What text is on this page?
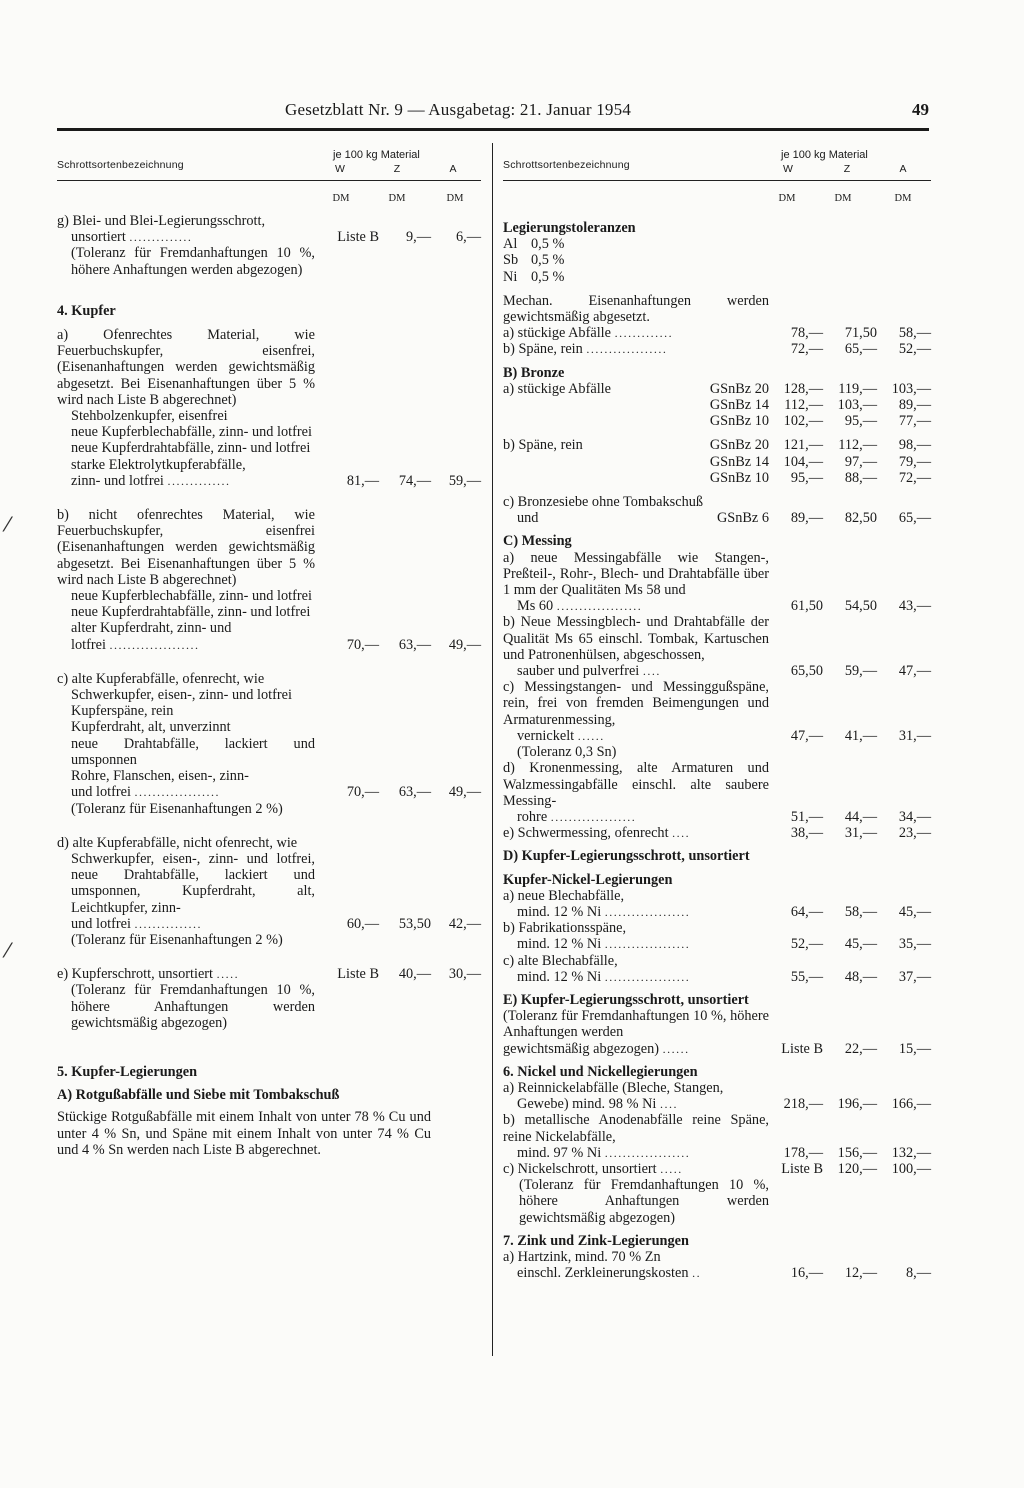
Gesetzblatt Nr. 9 — Ausgabetag: 21. Januar 1954	49
Schrottsortenbezeichnung
je 100 kg Material
W	Z	A
DM	DM	DM
g) Blei- und Blei-Legierungsschrott,			
unsortiert ..............	Liste B	9,—	6,—
(Toleranz für Fremdanhaftungen 10 %, höhere Anhaftungen werden abgezogen)			

4. Kupfer			

a) Ofenrechtes Material, wie Feuerbuchskupfer, eisenfrei, (Eisenanhaftungen werden gewichtsmäßig abgesetzt. Bei Eisenanhaftungen über 5 % wird nach Liste B abgerechnet)			
Stehbolzenkupfer, eisenfrei			
neue Kupferblechabfälle, zinn- und lotfrei			
neue Kupferdrahtabfälle, zinn- und lotfrei			
starke Elektrolytkupferabfälle,			
zinn- und lotfrei ..............	81,—	74,—	59,—

b) nicht ofenrechtes Material, wie Feuerbuchskupfer, eisenfrei (Eisenanhaftungen werden gewichtsmäßig abgesetzt. Bei Eisenanhaftungen über 5 % wird nach Liste B abgerechnet)			
neue Kupferblechabfälle, zinn- und lotfrei			
neue Kupferdrahtabfälle, zinn- und lotfrei			
alter Kupferdraht, zinn- und			
lotfrei ....................	70,—	63,—	49,—

c) alte Kupferabfälle, ofenrecht, wie			
Schwerkupfer, eisen-, zinn- und lotfrei			
Kupferspäne, rein			
Kupferdraht, alt, unverzinnt			
neue Drahtabfälle, lackiert und umsponnen			
Rohre, Flanschen, eisen-, zinn-			
und lotfrei ...................	70,—	63,—	49,—
(Toleranz für Eisenanhaftungen 2 %)			

d) alte Kupferabfälle, nicht ofenrecht, wie			
Schwerkupfer, eisen-, zinn- und lotfrei, neue Drahtabfälle, lackiert und umsponnen, Kupferdraht, alt, Leichtkupfer, zinn-			
und lotfrei ...............	60,—	53,50	42,—
(Toleranz für Eisenanhaftungen 2 %)			

e) Kupferschrott, unsortiert .....	Liste B	40,—	30,—
(Toleranz für Fremdanhaftungen 10 %, höhere Anhaftungen werden gewichtsmäßig abgezogen)			

5. Kupfer-Legierungen			
A) Rotgußabfälle und Siebe mit Tombakschuß			
Stückige Rotgußabfälle mit einem Inhalt von unter 78 % Cu und unter 4 % Sn, und Späne mit einem Inhalt von unter 74 % Cu und 4 % Sn werden nach Liste B abgerechnet.			
Schrottsortenbezeichnung
je 100 kg Material
W	Z	A
DM	DM	DM
Legierungstoleranzen				
Al 0,5 %				
Sb 0,5 %				
Ni 0,5 %				

Mechan. Eisenanhaftungen werden gewichtsmäßig abgesetzt.				
a) stückige Abfälle .............		78,—	71,50	58,—
b) Späne, rein ..................		72,—	65,—	52,—
B) Bronze				
a) stückige Abfälle	GSnBz 20	128,—	119,—	103,—
	GSnBz 14	112,—	103,—	89,—
	GSnBz 10	102,—	95,—	77,—

b) Späne, rein	GSnBz 20	121,—	112,—	98,—
	GSnBz 14	104,—	97,—	79,—
	GSnBz 10	95,—	88,—	72,—

c) Bronzesiebe ohne Tombakschuß				
und	GSnBz 6	89,—	82,50	65,—
C) Messing				
a) neue Messingabfälle wie Stangen-, Preßteil-, Rohr-, Blech- und Drahtabfälle über 1 mm der Qualitäten Ms 58 und				
Ms 60 ...................		61,50	54,50	43,—
b) Neue Messingblech- und Drahtabfälle der Qualität Ms 65 einschl. Tombak, Kartuschen und Patronenhülsen, abgeschossen,				
sauber und pulverfrei ....		65,50	59,—	47,—
c) Messingstangen- und Messinggußspäne, rein, frei von fremden Beimengungen und Armaturenmessing,				
vernickelt ......		47,—	41,—	31,—
(Toleranz 0,3 Sn)				
d) Kronenmessing, alte Armaturen und Walzmessingabfälle einschl. alte saubere Messing-				
rohre ...................		51,—	44,—	34,—
e) Schwermessing, ofenrecht ....		38,—	31,—	23,—
D) Kupfer-Legierungsschrott, unsortiert				
Kupfer-Nickel-Legierungen				
a) neue Blechabfälle,				
mind. 12 % Ni ...................		64,—	58,—	45,—
b) Fabrikationsspäne,				
mind. 12 % Ni ...................		52,—	45,—	35,—
c) alte Blechabfälle,				
mind. 12 % Ni ...................		55,—	48,—	37,—
E) Kupfer-Legierungsschrott, unsortiert				
(Toleranz für Fremdanhaftungen 10 %, höhere Anhaftungen werden				
gewichtsmäßig abgezogen) ......		Liste B	22,—	15,—
6. Nickel und Nickellegierungen				
a) Reinnickelabfälle (Bleche, Stangen,				
Gewebe) mind. 98 % Ni ....		218,—	196,—	166,—
b) metallische Anodenabfälle reine Späne, reine Nickelabfälle,				
mind. 97 % Ni ...................		178,—	156,—	132,—
c) Nickelschrott, unsortiert .....		Liste B	120,—	100,—
(Toleranz für Fremdanhaftungen 10 %, höhere Anhaftungen werden gewichtsmäßig abgezogen)				
7. Zink und Zink-Legierungen				
a) Hartzink, mind. 70 % Zn				
einschl. Zerkleinerungskosten ..		16,—	12,—	8,—
⁄
⁄
